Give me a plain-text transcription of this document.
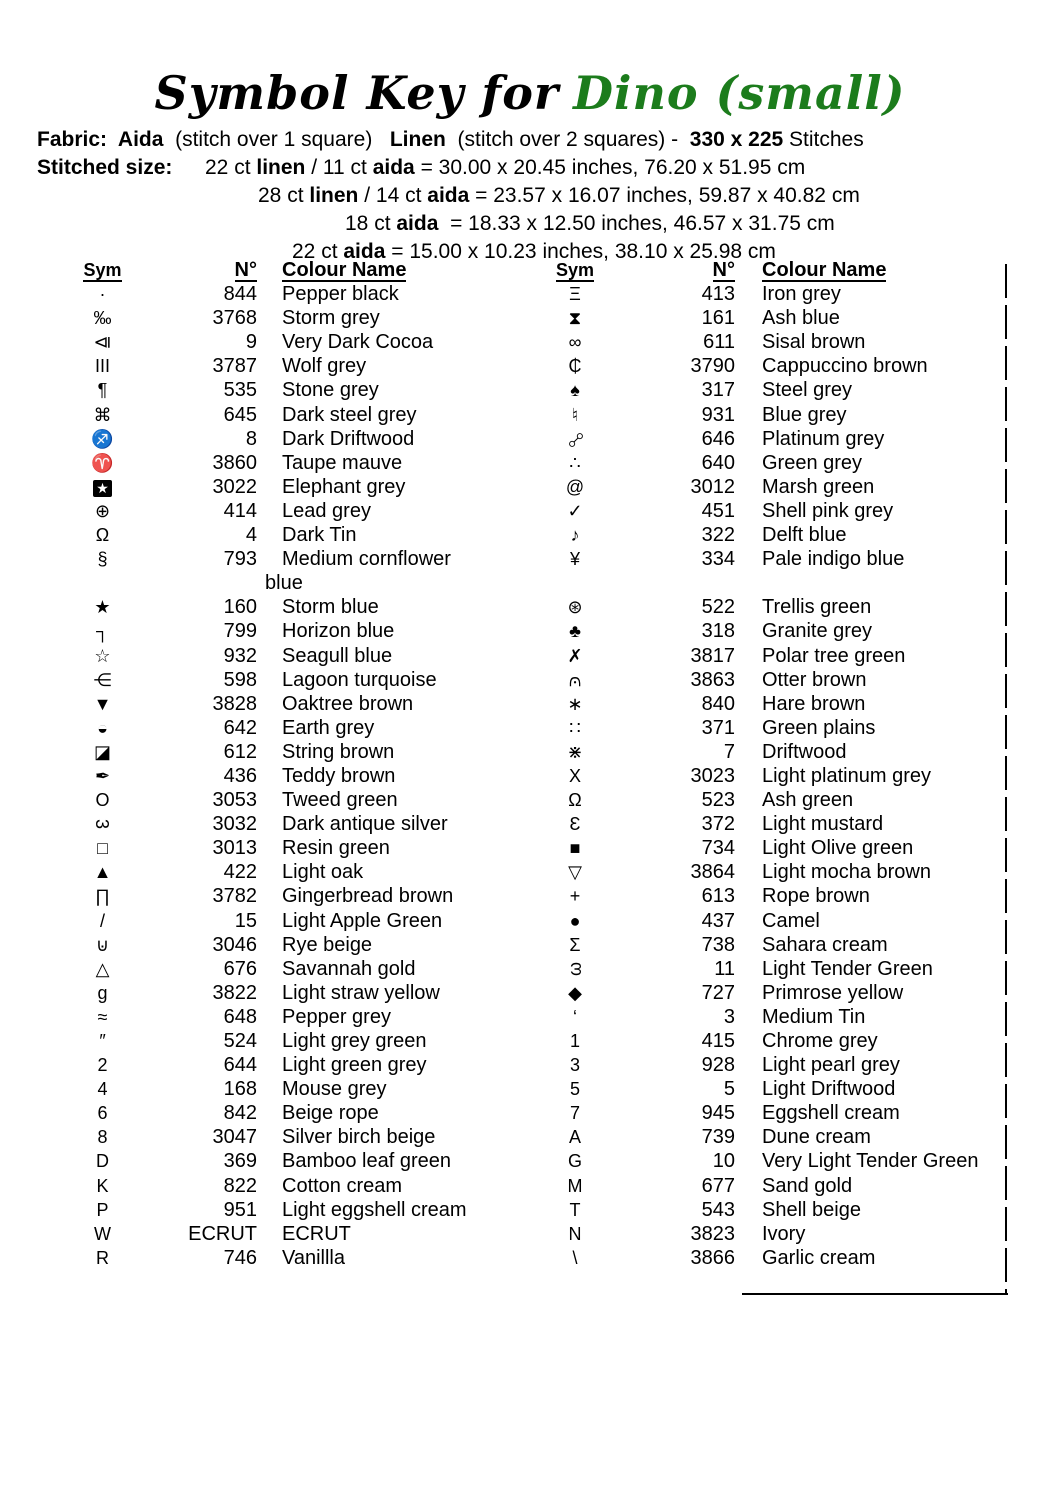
Symbol Key for Dino (small)
Fabric:  Aida  (stitch over 1 square)   Linen  (stitch over 2 squares) -  330 x 225 Stitches
Stitched size: 22 ct linen / 11 ct aida = 30.00 x 20.45 inches, 76.20 x 51.95 cm
28 ct linen / 14 ct aida = 23.57 x 16.07 inches, 59.87 x 40.82 cm
18 ct aida  = 18.33 x 12.50 inches, 46.57 x 31.75 cm
22 ct aida = 15.00 x 10.23 inches, 38.10 x 25.98 cm
Sym	N°	Colour Name	Sym	N°	Colour Name
·	844	Pepper black	Ξ	413	Iron grey
‰	3768	Storm grey	⧗	161	Ash blue
⧏	9	Very Dark Cocoa	∞	611	Sisal brown
III	3787	Wolf grey	₵	3790	Cappuccino brown
¶	535	Stone grey	♠	317	Steel grey
⌘	645	Dark steel grey	♮	931	Blue grey
♐	8	Dark Driftwood	⧟	646	Platinum grey
♈	3860	Taupe mauve	∴	640	Green grey
★	3022	Elephant grey	@	3012	Marsh green
⊕	414	Lead grey	✓	451	Shell pink grey
Ω	4	Dark Tin	♪	322	Delft blue
§	793	Medium cornflower	¥	334	Pale indigo blue
blue
★	160	Storm blue	⊛	522	Trellis green
┐	799	Horizon blue	♣	318	Granite grey
☆	932	Seagull blue	✗	3817	Polar tree green
⋲	598	Lagoon turquoise	⩀	3863	Otter brown
▼	3828	Oaktree brown	∗	840	Hare brown
◒	642	Earth grey	∷	371	Green plains
◪	612	String brown	⋇	7	Driftwood
✒	436	Teddy brown	X	3023	Light platinum grey
O	3053	Tweed green	Ω	523	Ash green
3	3032	Dark antique silver	Ɛ	372	Light mustard
□	3013	Resin green	■	734	Light Olive green
▲	422	Light oak	▽	3864	Light mocha brown
∏	3782	Gingerbread brown	+	613	Rope brown
/	15	Light Apple Green	●	437	Camel
⊍	3046	Rye beige	Σ	738	Sahara cream
△	676	Savannah gold	ω	11	Light Tender Green
g	3822	Light straw yellow	◆	727	Primrose yellow
≈	648	Pepper grey	‘	3	Medium Tin
″	524	Light grey green	1	415	Chrome grey
2	644	Light green grey	3	928	Light pearl grey
4	168	Mouse grey	5	5	Light Driftwood
6	842	Beige rope	7	945	Eggshell cream
8	3047	Silver birch beige	A	739	Dune cream
D	369	Bamboo leaf green	G	10	Very Light Tender Green
K	822	Cotton cream	M	677	Sand gold
P	951	Light eggshell cream	T	543	Shell beige
W	ECRUT	ECRUT	N	3823	Ivory
R	746	Vanillla	\	3866	Garlic cream
